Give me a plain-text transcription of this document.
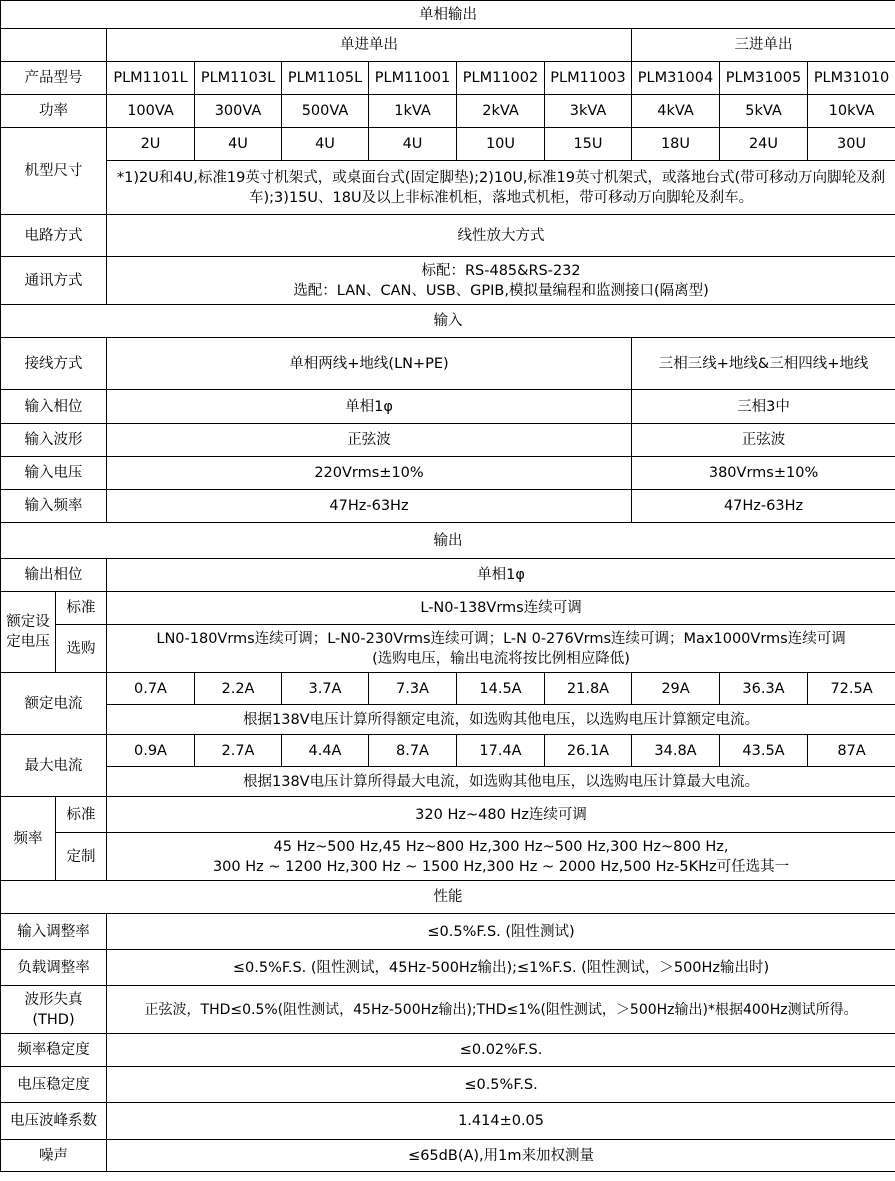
单相输出										
		单进单出						三进单出		
产品型号		PLM1101L	PLM1103L	PLM1105L	PLM11001	PLM11002	PLM11003	PLM31004	PLM31005	PLM31010
功率		100VA	300VA	500VA	1kVA	2kVA	3kVA	4kVA	5kVA	10kVA
机型尺寸		2U	4U	4U	4U	10U	15U	18U	24U	30U
		*1)2U和4U,标准19英寸机架式，或桌面台式(固定脚垫);2)10U,标准19英寸机架式，或落地台式(带可移动万向脚轮及刹车);3)15U、18U及以上非标准机柜，落地式机柜，带可移动万向脚轮及刹车。								
电路方式		线性放大方式								
通讯方式		标配：RS-485&RS-232
选配：LAN、CAN、USB、GPIB,模拟量编程和监测接口(隔离型)								

输入										
接线方式		单相两线+地线(LN+PE)						三相三线+地线&三相四线+地线		
输入相位		单相1φ						三相3中		
输入波形		正弦波						正弦波		
输入电压		220Vrms±10%						380Vrms±10%		
输入频率		47Hz-63Hz						47Hz-63Hz		
输出										
输出相位		单相1φ								
额定设定电压	标准	L-N0-138Vrms连续可调								
	选购	LN0-180Vrms连续可调；L-N0-230Vrms连续可调；L-N 0-276Vrms连续可调；Max1000Vrms连续可调
(选购电压，输出电流将按比例相应降低)								

额定电流		0.7A	2.2A	3.7A	7.3A	14.5A	21.8A	29A	36.3A	72.5A
		根据138V电压计算所得额定电流，如选购其他电压，以选购电压计算额定电流。								
最大电流		0.9A	2.7A	4.4A	8.7A	17.4A	26.1A	34.8A	43.5A	87A
		根据138V电压计算所得最大电流，如选购其他电压，以选购电压计算最大电流。								
频率	标准	320 Hz~480 Hz连续可调								
	定制	45 Hz~500 Hz,45 Hz~800 Hz,300 Hz~500 Hz,300 Hz~800 Hz,
300 Hz ~ 1200 Hz,300 Hz ~ 1500 Hz,300 Hz ~ 2000 Hz,500 Hz-5KHz可任选其一								

性能										
输入调整率		≤0.5%F.S. (阻性测试)								
负载调整率		≤0.5%F.S. (阻性测试，45Hz-500Hz输出);≤1%F.S. (阻性测试，＞500Hz输出时)								

波形失真
(THD)		正弦波，THD≤0.5%(阻性测试，45Hz-500Hz输出);THD≤1%(阻性测试，＞500Hz输出)*根据400Hz测试所得。								
频率稳定度		≤0.02%F.S.								
电压稳定度		≤0.5%F.S.								
电压波峰系数		1.414±0.05								
噪声		≤65dB(A),用1m来加权测量								
